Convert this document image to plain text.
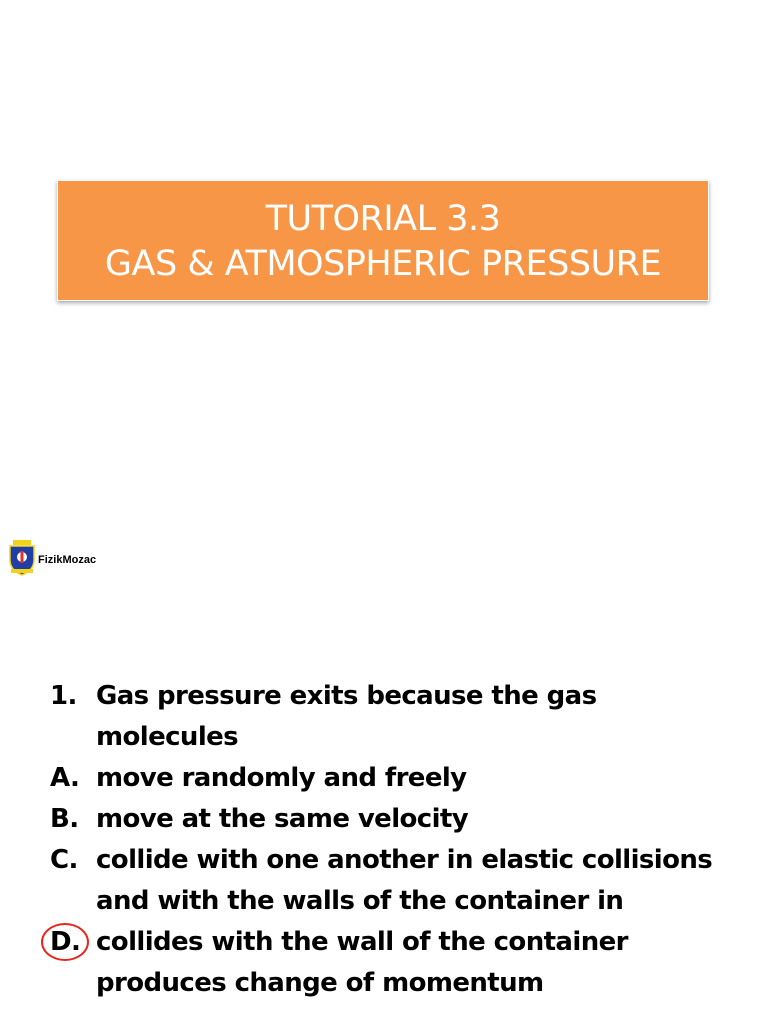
TUTORIAL 3.3
GAS & ATMOSPHERIC PRESSURE
FizikMozac
1. Gas pressure exits because the gas
molecules
A. move randomly and freely
B. move at the same velocity
C. collide with one another in elastic collisions
and with the walls of the container in
D. collides with the wall of the container
produces change of momentum
